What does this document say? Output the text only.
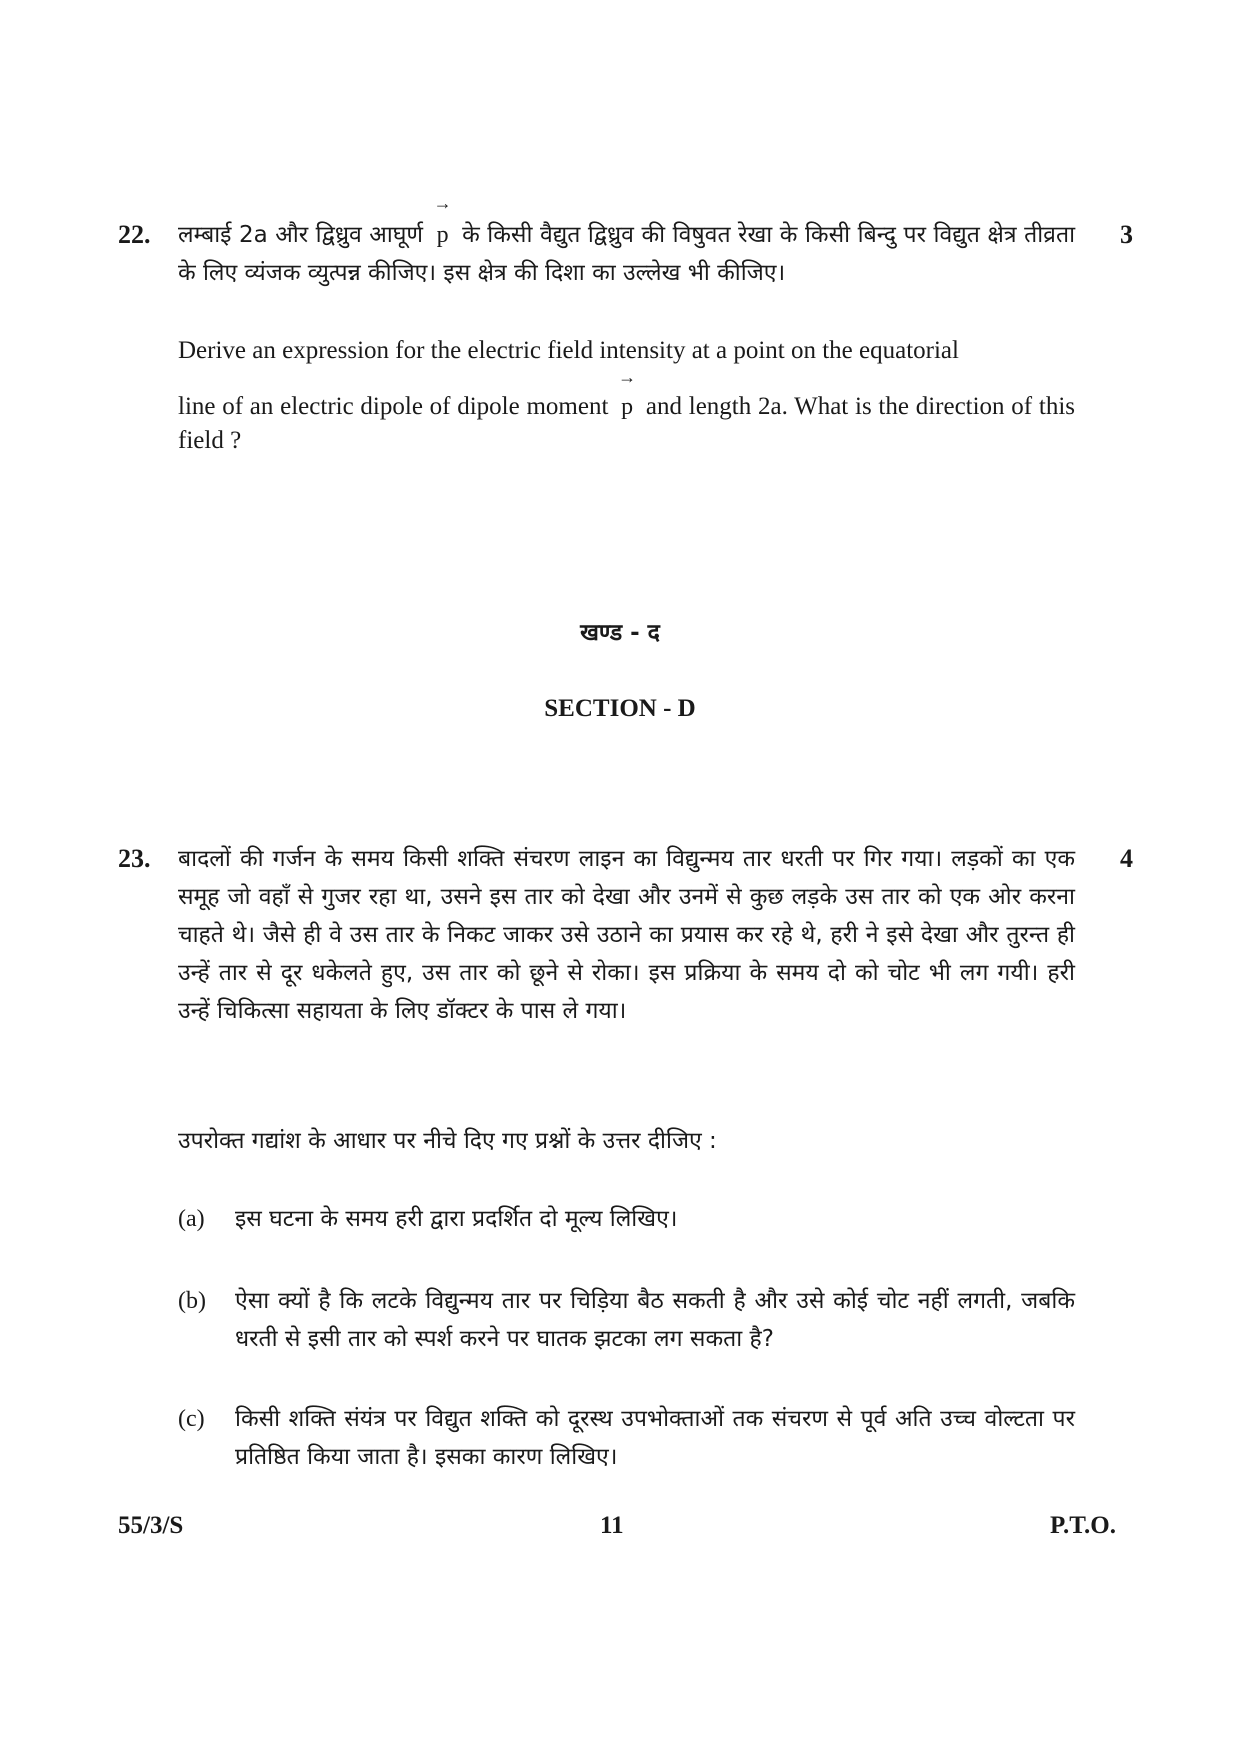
22. लम्बाई 2a और द्विध्रुव आघूर्ण
→
p के किसी वैद्युत द्विध्रुव की विषुवत रेखा के किसी बिन्दु पर विद्युत क्षेत्र तीव्रता के लिए व्यंजक व्युत्पन्न कीजिए। इस क्षेत्र की दिशा का उल्लेख भी कीजिए।

Derive an expression for the electric field intensity at a point on the equatorial

line of an electric dipole of dipole moment
→
p and length 2a. What is the direction of this field ?

3
खण्ड - द
SECTION - D
23. बादलों की गर्जन के समय किसी शक्ति संचरण लाइन का विद्युन्मय तार धरती पर गिर गया। लड़कों का एक समूह जो वहाँ से गुजर रहा था, उसने इस तार को देखा और उनमें से कुछ लड़के उस तार को एक ओर करना चाहते थे। जैसे ही वे उस तार के निकट जाकर उसे उठाने का प्रयास कर रहे थे, हरी ने इसे देखा और तुरन्त ही उन्हें तार से दूर धकेलते हुए, उस तार को छूने से रोका। इस प्रक्रिया के समय दो को चोट भी लग गयी। हरी उन्हें चिकित्सा सहायता के लिए डॉक्टर के पास ले गया।

4

उपरोक्त गद्यांश के आधार पर नीचे दिए गए प्रश्नों के उत्तर दीजिए :

(a) इस घटना के समय हरी द्वारा प्रदर्शित दो मूल्य लिखिए।

(b) ऐसा क्यों है कि लटके विद्युन्मय तार पर चिड़िया बैठ सकती है और उसे कोई चोट नहीं लगती, जबकि धरती से इसी तार को स्पर्श करने पर घातक झटका लग सकता है?

(c) किसी शक्ति संयंत्र पर विद्युत शक्ति को दूरस्थ उपभोक्ताओं तक संचरण से पूर्व अति उच्च वोल्टता पर प्रतिष्ठित किया जाता है। इसका कारण लिखिए।

55/3/S	11	P.T.O.
